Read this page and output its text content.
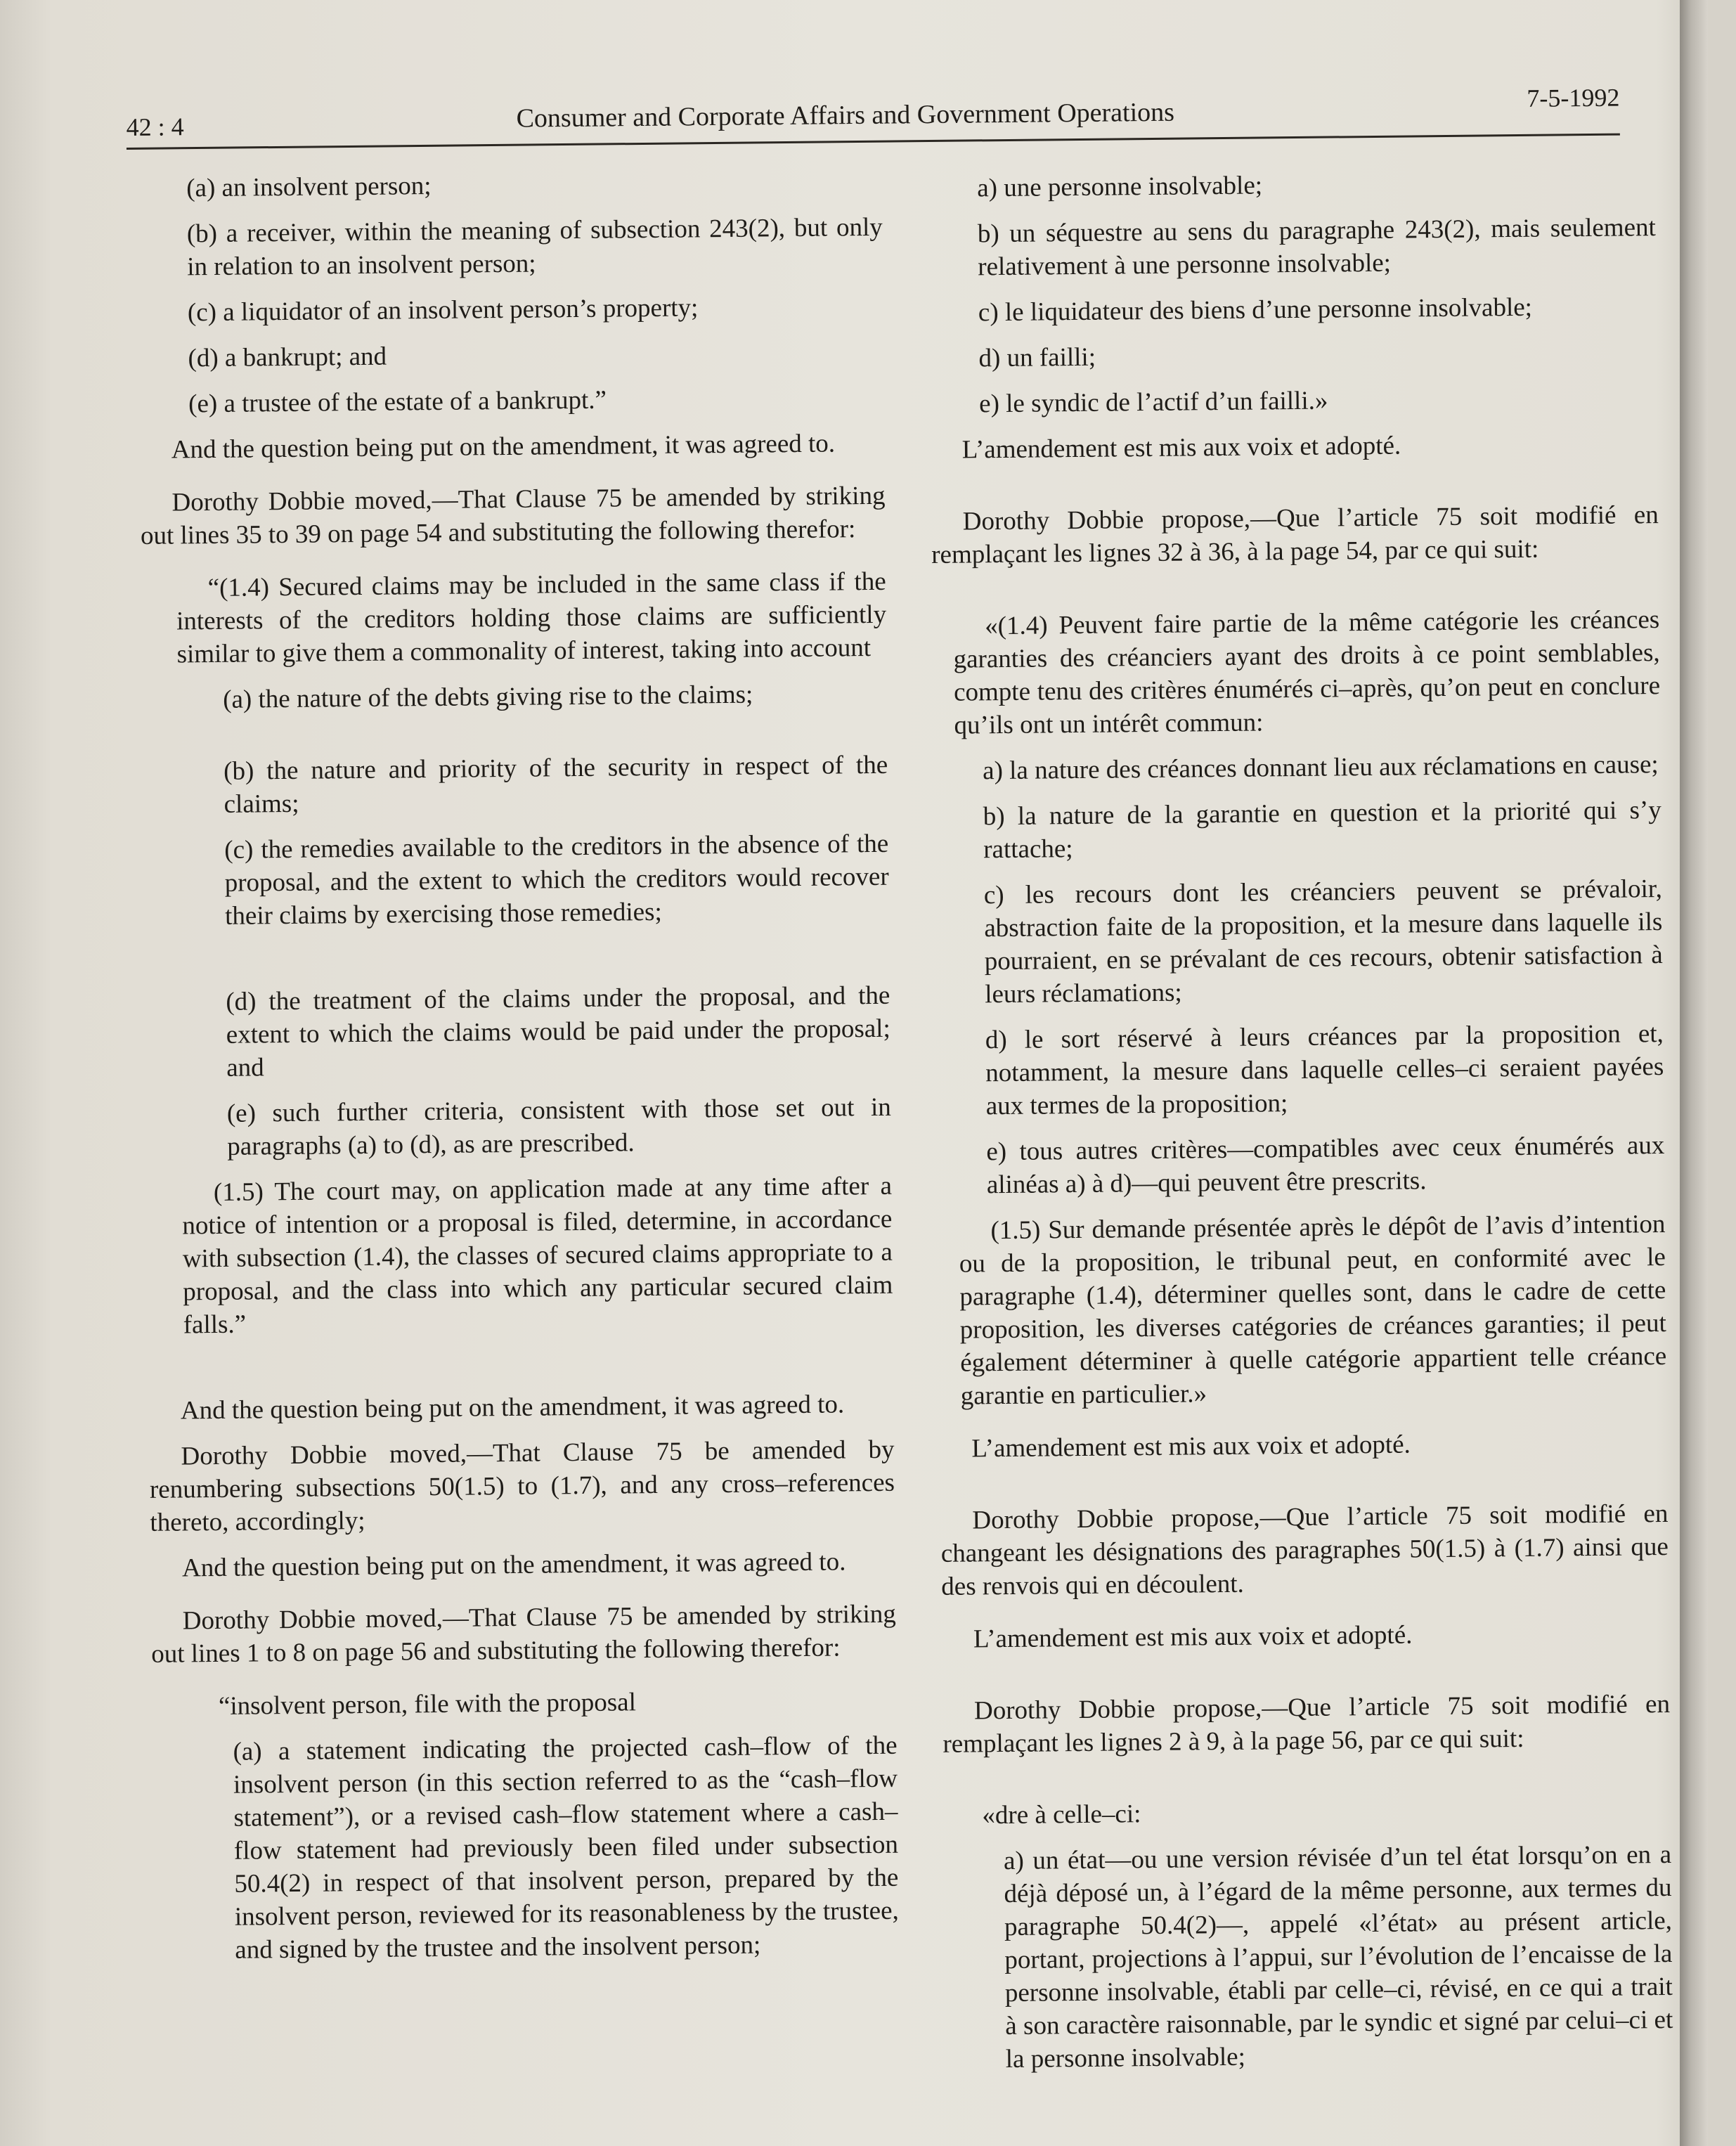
42 : 4	Consumer and Corporate Affairs and Government Operations	7-5-1992

(a) an insolvent person;

(b) a receiver, within the meaning of subsection 243(2), but only in relation to an insolvent person;

(c) a liquidator of an insolvent person’s property;

(d) a bankrupt; and

(e) a trustee of the estate of a bankrupt.”

And the question being put on the amendment, it was agreed to.

Dorothy Dobbie moved,—That Clause 75 be amended by striking out lines 35 to 39 on page 54 and substituting the following therefor:

“(1.4) Secured claims may be included in the same class if the interests of the creditors holding those claims are sufficiently similar to give them a commonality of interest, taking into account

(a) the nature of the debts giving rise to the claims;

(b) the nature and priority of the security in respect of the claims;

(c) the remedies available to the creditors in the absence of the proposal, and the extent to which the creditors would recover their claims by exercising those remedies;

(d) the treatment of the claims under the proposal, and the extent to which the claims would be paid under the proposal; and

(e) such further criteria, consistent with those set out in paragraphs (a) to (d), as are prescribed.

(1.5) The court may, on application made at any time after a notice of intention or a proposal is filed, determine, in accordance with subsection (1.4), the classes of secured claims appropriate to a proposal, and the class into which any particular secured claim falls.”

And the question being put on the amendment, it was agreed to.

Dorothy Dobbie moved,—That Clause 75 be amended by renumbering subsections 50(1.5) to (1.7), and any cross–references thereto, accordingly;

And the question being put on the amendment, it was agreed to.

Dorothy Dobbie moved,—That Clause 75 be amended by striking out lines 1 to 8 on page 56 and substituting the following therefor:

“insolvent person, file with the proposal

(a) a statement indicating the projected cash–flow of the insolvent person (in this section referred to as the “cash–flow statement”), or a revised cash–flow statement where a cash–flow statement had previously been filed under subsection 50.4(2) in respect of that insolvent person, prepared by the insolvent person, reviewed for its reasonableness by the trustee, and signed by the trustee and the insolvent person;

a) une personne insolvable;

b) un séquestre au sens du paragraphe 243(2), mais seulement relativement à une personne insolvable;

c) le liquidateur des biens d’une personne insolvable;

d) un failli;

e) le syndic de l’actif d’un failli.»

L’amendement est mis aux voix et adopté.

Dorothy Dobbie propose,—Que l’article 75 soit modifié en remplaçant les lignes 32 à 36, à la page 54, par ce qui suit:

«(1.4) Peuvent faire partie de la même catégorie les créances garanties des créanciers ayant des droits à ce point semblables, compte tenu des critères énumérés ci–après, qu’on peut en conclure qu’ils ont un intérêt commun:

a) la nature des créances donnant lieu aux réclamations en cause;

b) la nature de la garantie en question et la priorité qui s’y rattache;

c) les recours dont les créanciers peuvent se prévaloir, abstraction faite de la proposition, et la mesure dans laquelle ils pourraient, en se prévalant de ces recours, obtenir satisfaction à leurs réclamations;

d) le sort réservé à leurs créances par la proposition et, notamment, la mesure dans laquelle celles–ci seraient payées aux termes de la proposition;

e) tous autres critères—compatibles avec ceux énumérés aux alinéas a) à d)—qui peuvent être prescrits.

(1.5) Sur demande présentée après le dépôt de l’avis d’intention ou de la proposition, le tribunal peut, en conformité avec le paragraphe (1.4), déterminer quelles sont, dans le cadre de cette proposition, les diverses catégories de créances garanties; il peut également déterminer à quelle catégorie appartient telle créance garantie en particulier.»

L’amendement est mis aux voix et adopté.

Dorothy Dobbie propose,—Que l’article 75 soit modifié en changeant les désignations des paragraphes 50(1.5) à (1.7) ainsi que des renvois qui en découlent.

L’amendement est mis aux voix et adopté.

Dorothy Dobbie propose,—Que l’article 75 soit modifié en remplaçant les lignes 2 à 9, à la page 56, par ce qui suit:

«dre à celle–ci:

a) un état—ou une version révisée d’un tel état lorsqu’on en a déjà déposé un, à l’égard de la même personne, aux termes du paragraphe 50.4(2)—, appelé «l’état» au présent article, portant, projections à l’appui, sur l’évolution de l’encaisse de la personne insolvable, établi par celle–ci, révisé, en ce qui a trait à son caractère raisonnable, par le syndic et signé par celui–ci et la personne insolvable;
